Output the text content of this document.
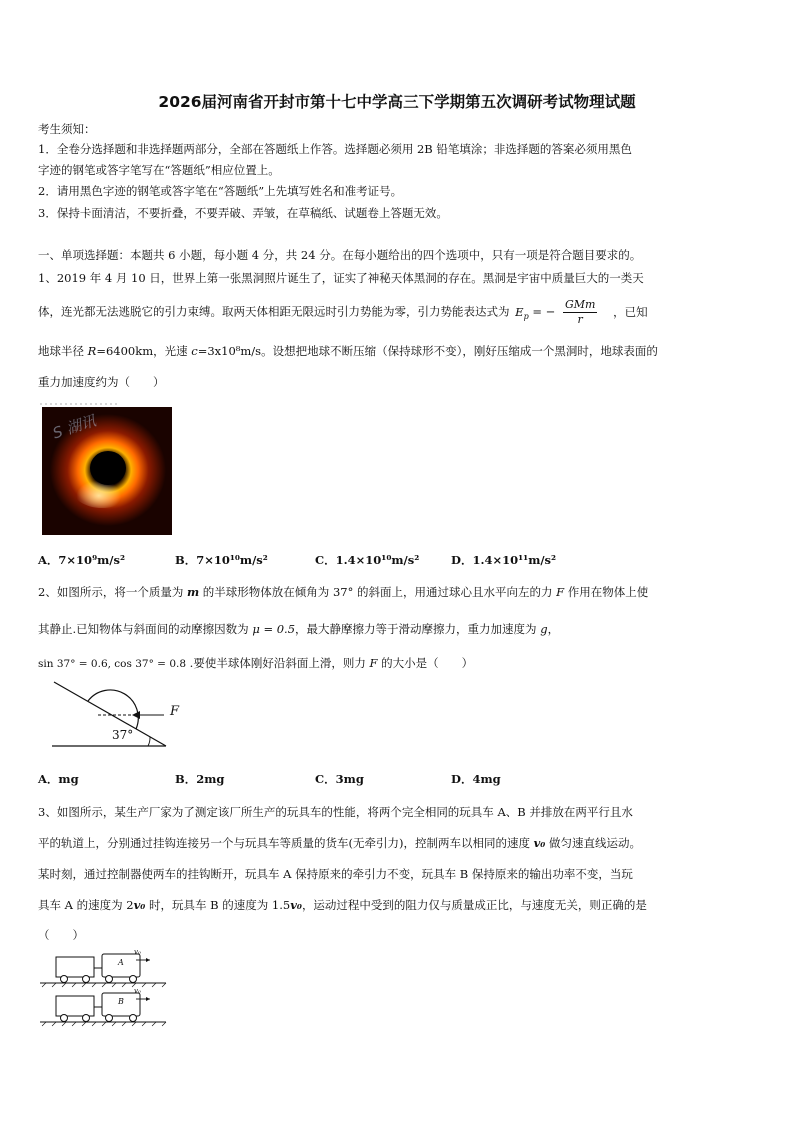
2026届河南省开封市第十七中学高三下学期第五次调研考试物理试题
考生须知：
1．全卷分选择题和非选择题两部分，全部在答题纸上作答。选择题必须用 2B 铅笔填涂；非选择题的答案必须用黑色
字迹的钢笔或答字笔写在“答题纸”相应位置上。
2．请用黑色字迹的钢笔或答字笔在“答题纸”上先填写姓名和准考证号。
3．保持卡面清洁，不要折叠，不要弄破、弄皱，在草稿纸、试题卷上答题无效。
一、单项选择题：本题共 6 小题，每小题 4 分，共 24 分。在每小题给出的四个选项中，只有一项是符合题目要求的。
1、2019 年 4 月 10 日，世界上第一张黑洞照片诞生了，证实了神秘天体黑洞的存在。黑洞是宇宙中质量巨大的一类天
体，连光都无法逃脱它的引力束缚。取两天体相距无限远时引力势能为零，引力势能表达式为 $E_p$ = − $\frac{\text{GMm}}{r}$ ，已知
地球半径 R=6400km，光速 c=3x10⁸m/s。设想把地球不断压缩（保持球形不变），刚好压缩成一个黑洞时，地球表面的
重力加速度约为（　　）
S 湖讯
A．7×10⁹m/s²	B．7×10¹⁰m/s²	C．1.4×10¹⁰m/s²	D．1.4×10¹¹m/s²
2、如图所示，将一个质量为 m 的半球形物体放在倾角为 37° 的斜面上，用通过球心且水平向左的力 F 作用在物体上使
其静止.已知物体与斜面间的动摩擦因数为 μ = 0.5，最大静摩擦力等于滑动摩擦力，重力加速度为 g，
sin 37° = 0.6, cos 37° = 0.8 .要使半球体刚好沿斜面上滑，则力 F 的大小是（　　）
F
37°
A．mg	B．2mg	C．3mg	D．4mg
3、如图所示，某生产厂家为了测定该厂所生产的玩具车的性能，将两个完全相同的玩具车 A、B 并排放在两平行且水
平的轨道上，分别通过挂钩连接另一个与玩具车等质量的货车(无牵引力)，控制两车以相同的速度 v₀ 做匀速直线运动。
某时刻，通过控制器使两车的挂钩断开，玩具车 A 保持原来的牵引力不变，玩具车 B 保持原来的输出功率不变，当玩
具车 A 的速度为 2v₀ 时，玩具车 B 的速度为 1.5v₀，运动过程中受到的阻力仅与质量成正比，与速度无关，则正确的是
（　　）
A
B
v₀
v₀
